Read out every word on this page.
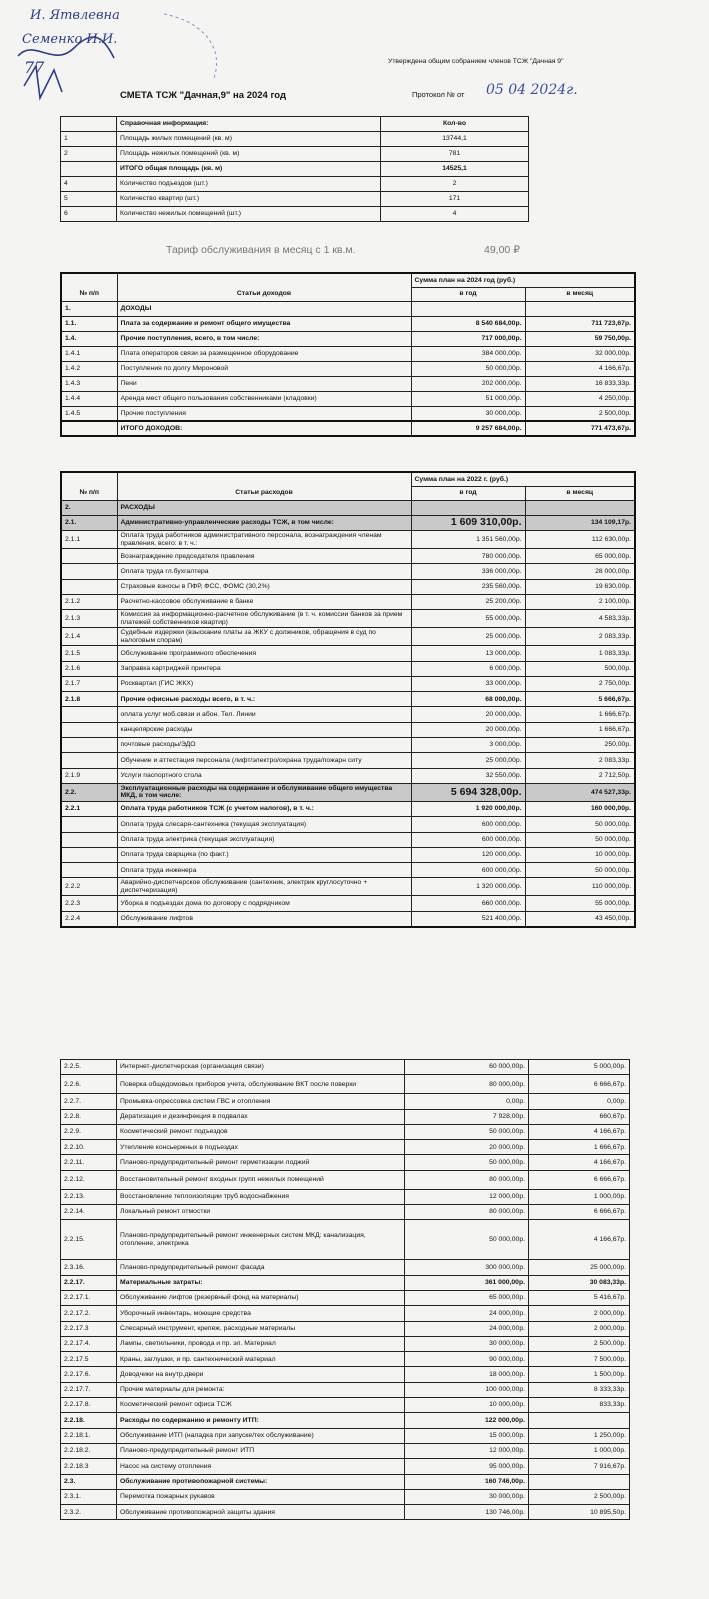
И. Ятвлевна
Семенко И.И.
77	Утверждена общим собранием членов ТСЖ "Дачная 9"
СМЕТА ТСЖ "Дачная,9" на 2024 год	Протокол № от 05 04 2024г.
	Справочная информация:	Кол-во
1	Площадь жилых помещений (кв. м)	13744,1
2	Площадь нежилых помещений (кв. м)	781
	ИТОГО общая площадь (кв. м)	14525,1
4	Количество подъездов (шт.)	2
5	Количество квартир (шт.)	171
6	Количество нежилых помещений (шт.)	4
Тариф обслуживания в месяц с 1 кв.м.	49,00 ₽
		Сумма план на 2024 год (руб.)	
№ п/п	Статьи доходов	в год	в месяц
1.	ДОХОДЫ		
1.1.	Плата за содержание и ремонт общего имущества	8 540 684,00р.	711 723,67р.
1.4.	Прочие поступления, всего, в том числе:	717 000,00р.	59 750,00р.
1.4.1	Плата операторов связи за размещенное оборудование	384 000,00р.	32 000,00р.
1.4.2	Поступления по долгу Мироновой	50 000,00р.	4 166,67р.
1.4.3	Пени	202 000,00р.	16 833,33р.
1.4.4	Аренда мест общего пользования собственниками (кладовки)	51 000,00р.	4 250,00р.
1.4.5	Прочие поступления	30 000,00р.	2 500,00р.
	ИТОГО ДОХОДОВ:	9 257 684,00р.	771 473,67р.
		Сумма план на 2022 г. (руб.)	
№ п/п	Статьи расходов	в год	в месяц
2.	РАСХОДЫ		
2.1.	Административно-управленческие расходы ТСЖ, в том числе:	1 609 310,00р.	134 109,17р.
2.1.1	Оплата труда работников административного персонала, вознаграждения членам правления, всего: в т. ч.:	1 351 560,00р.	112 630,00р.
	Вознаграждение председателя правления	780 000,00р.	65 000,00р.
	Оплата труда гл.бухгалтера	336 000,00р.	28 000,00р.
	Страховые взносы в ПФР, ФСС, ФОМС (30,2%)	235 560,00р.	19 630,00р.
2.1.2	Расчетно-кассовое обслуживание в банке	25 200,00р.	2 100,00р.
2.1.3	Комиссия за информационно-расчетное обслуживание (в т. ч. комиссии банков за прием платежей собственников квартир)	55 000,00р.	4 583,33р.
2.1.4	Судебные издержки (взыскание платы за ЖКУ с должников, обращения в суд по налоговым спорам)	25 000,00р.	2 083,33р.
2.1.5	Обслуживание программного обеспечения	13 000,00р.	1 083,33р.
2.1.6	Заправка картриджей принтера	6 000,00р.	500,00р.
2.1.7	Росквартал (ГИС ЖКХ)	33 000,00р.	2 750,00р.
2.1.8	Прочие офисные расходы всего, в т. ч.:	68 000,00р.	5 666,67р.
	оплата услуг моб.связи и абон. Тел. Линии	20 000,00р.	1 666,67р.
	канцелярские расходы	20 000,00р.	1 666,67р.
	почтовые расходы/ЭДО	3 000,00р.	250,00р.
	Обучение и аттестация персонала (лифт/электро/охрана труда/пожарн ситу	25 000,00р.	2 083,33р.
2.1.9	Услуги паспортного стола	32 550,00р.	2 712,50р.
2.2.	Эксплуатационные расходы на содержание и обслуживание общего имущества МКД, в том числе:	5 694 328,00р.	474 527,33р.
2.2.1	Оплата труда работников ТСЖ (с учетом налогов), в т. ч.:	1 920 000,00р.	160 000,00р.
	Оплата труда слесаря-сантехника (текущая эксплуатация)	600 000,00р.	50 000,00р.
	Оплата труда электрика (текущая эксплуатация)	600 000,00р.	50 000,00р.
	Оплата труда сварщика (по факт.)	120 000,00р.	10 000,00р.
	Оплата труда инженера	600 000,00р.	50 000,00р.
2.2.2	Аварийно-диспетчерское обслуживание (сантехник, электрик круглосуточно + диспетчеризация)	1 320 000,00р.	110 000,00р.
2.2.3	Уборка в подъездах дома по договору с подрядчиком	660 000,00р.	55 000,00р.
2.2.4	Обслуживание лифтов	521 400,00р.	43 450,00р.
2.2.5.	Интернет-диспетчерская (организация связи)	60 000,00р.	5 000,00р.
2.2.6.	Поверка общедомовых приборов учета, обслуживание ВКТ после поверки	80 000,00р.	6 666,67р.
2.2.7.	Промывка-опрессовка систем ГВС и отопления	0,00р.	0,00р.
2.2.8.	Дератизация и дезинфекция в подвалах	7 928,00р.	660,67р.
2.2.9.	Косметический ремонт подъездов	50 000,00р.	4 166,67р.
2.2.10.	Утепление консьержных в подъездах	20 000,00р.	1 666,67р.
2.2.11.	Планово-предупредительный ремонт герметизации лоджий	50 000,00р.	4 166,67р.
2.2.12.	Восстановительный ремонт входных групп нежилых помещений	80 000,00р.	6 666,67р.
2.2.13.	Восстановление теплоизоляции труб водоснабжения	12 000,00р.	1 000,00р.
2.2.14.	Локальный ремонт отмостки	80 000,00р.	6 666,67р.
2.2.15.	Планово-предупредительный ремонт инженерных систем МКД: канализация, отопление, электрика	50 000,00р.	4 166,67р.
2.3.16.	Планово-предупредительный ремонт фасада	300 000,00р.	25 000,00р.
2.2.17.	Материальные затраты:	361 000,00р.	30 083,33р.
2.2.17.1.	Обслуживание лифтов (резервный фонд на материалы)	65 000,00р.	5 416,67р.
2.2.17.2.	Уборочный инвентарь, моющие средства	24 000,00р.	2 000,00р.
2.2.17.3	Слесарный инструмент, крепеж, расходные материалы	24 000,00р.	2 000,00р.
2.2.17.4.	Лампы, светильники, провода и пр. эл. Материал	30 000,00р.	2 500,00р.
2.2.17.5	Краны, заглушки, и пр. сантехнический материал	90 000,00р.	7 500,00р.
2.2.17.6.	Доводчики на внутр.двери	18 000,00р.	1 500,00р.
2.2.17.7.	Прочие материалы для ремонта:	100 000,00р.	8 333,33р.
2.2.17.8.	Косметический ремонт офиса ТСЖ	10 000,00р.	833,33р.
2.2.18.	Расходы по содержанию и ремонту ИТП:	122 000,00р.	
2.2.18.1.	Обслуживание ИТП (наладка при запуске/тех обслуживание)	15 000,00р.	1 250,00р.
2.2.18.2.	Планово-предупредительный ремонт ИТП	12 000,00р.	1 000,00р.
2.2.18.3	Насос на систему отопления	95 000,00р.	7 916,67р.
2.3.	Обслуживание противопожарной системы:	160 746,00р.	
2.3.1.	Перемотка пожарных рукавов	30 000,00р.	2 500,00р.
2.3.2.	Обслуживание противопожарной защиты здания	130 746,00р.	10 895,50р.
